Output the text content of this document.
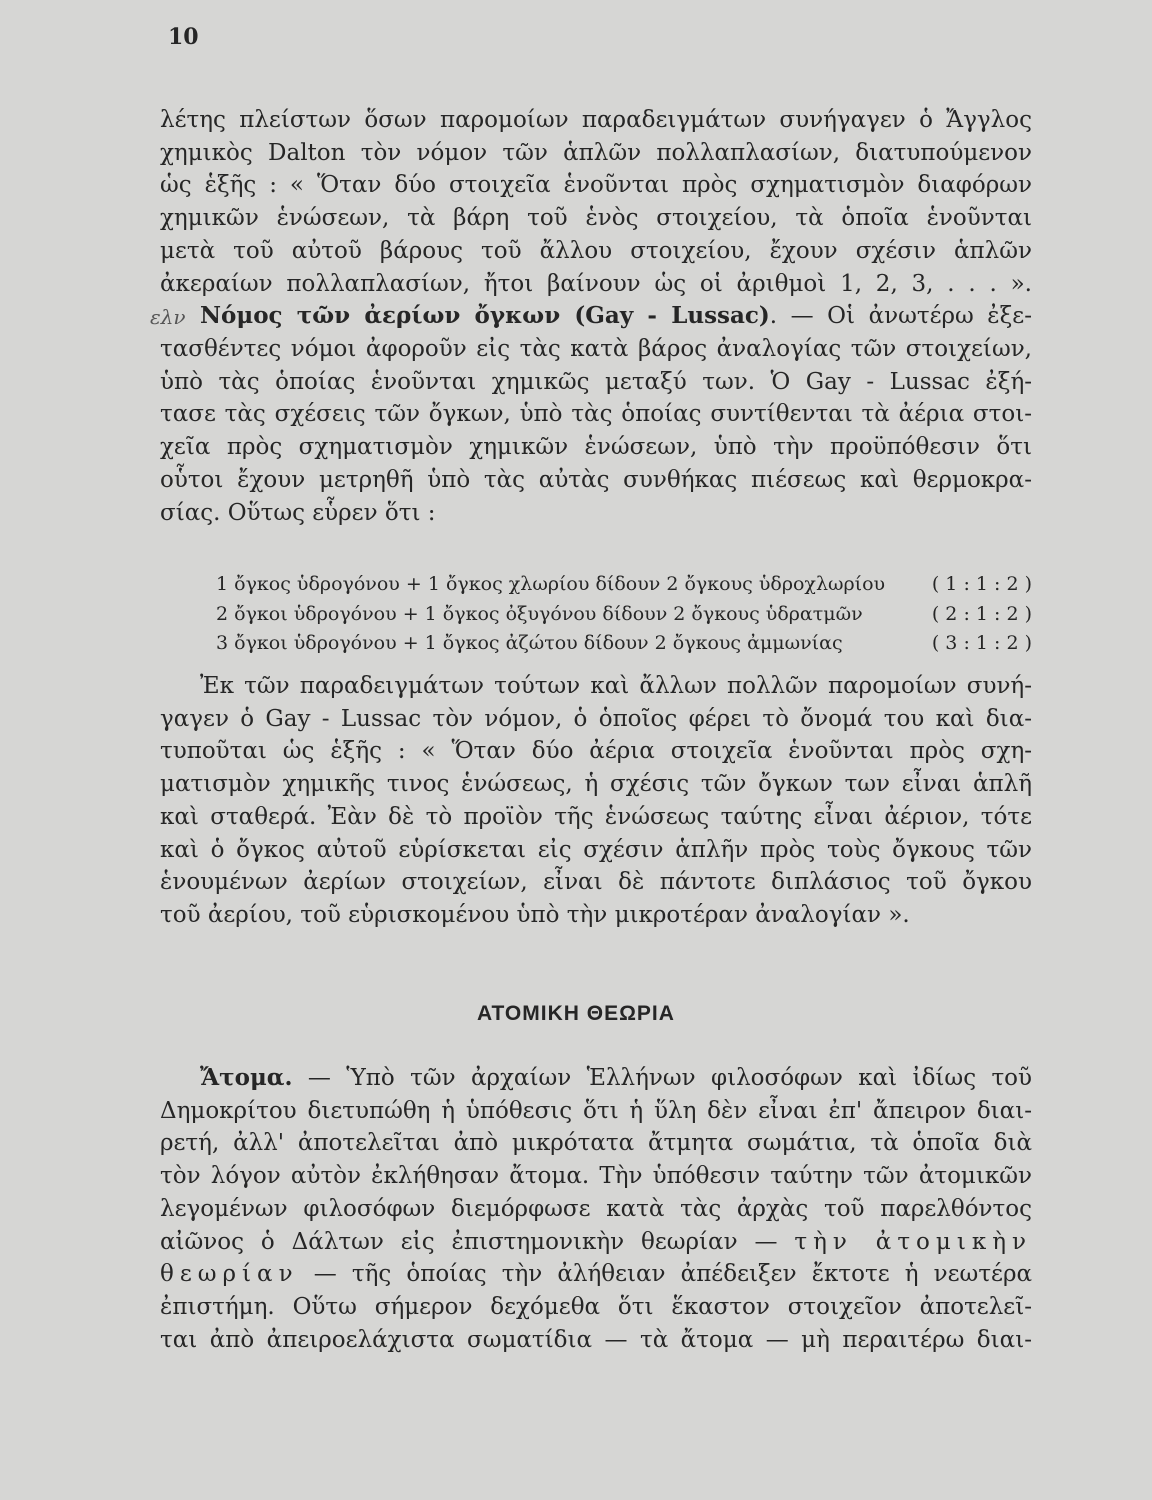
10
ελν
λέτης πλείστων ὅσων παρομοίων παραδειγμάτων συνήγαγεν ὁ Ἄγγλος
χημικὸς Dalton τὸν νόμον τῶν ἁπλῶν πολλαπλασίων, διατυπούμενον
ὡς ἑξῆς : « Ὅταν δύο στοιχεῖα ἑνοῦνται πρὸς σχηματισμὸν διαφόρων
χημικῶν ἑνώσεων, τὰ βάρη τοῦ ἑνὸς στοιχείου, τὰ ὁποῖα ἑνοῦνται
μετὰ τοῦ αὐτοῦ βάρους τοῦ ἄλλου στοιχείου, ἔχουν σχέσιν ἁπλῶν
ἀκεραίων πολλαπλασίων, ἤτοι βαίνουν ὡς οἱ ἀριθμοὶ 1, 2, 3, . . . ».
Νόμος τῶν ἀερίων ὄγκων (Gay - Lussac). — Οἱ ἀνωτέρω ἐξε-
τασθέντες νόμοι ἀφοροῦν εἰς τὰς κατὰ βάρος ἀναλογίας τῶν στοιχείων,
ὑπὸ τὰς ὁποίας ἑνοῦνται χημικῶς μεταξύ των. Ὁ Gay - Lussac ἐξή-
τασε τὰς σχέσεις τῶν ὄγκων, ὑπὸ τὰς ὁποίας συντίθενται τὰ ἀέρια στοι-
χεῖα πρὸς σχηματισμὸν χημικῶν ἑνώσεων, ὑπὸ τὴν προϋπόθεσιν ὅτι
οὗτοι ἔχουν μετρηθῆ ὑπὸ τὰς αὐτὰς συνθήκας πιέσεως καὶ θερμοκρα-
σίας. Οὕτως εὗρεν ὅτι :
1 ὄγκος ὑδρογόνου + 1 ὄγκος χλωρίου δίδουν 2 ὄγκους ὑδροχλωρίου ( 1 : 1 : 2 )
2 ὄγκοι ὑδρογόνου + 1 ὄγκος ὀξυγόνου δίδουν 2 ὄγκους ὑδρατμῶν	( 2 : 1 : 2 )
3 ὄγκοι ὑδρογόνου + 1 ὄγκος ἀζώτου δίδουν 2 ὄγκους ἀμμωνίας	( 3 : 1 : 2 )
Ἐκ τῶν παραδειγμάτων τούτων καὶ ἄλλων πολλῶν παρομοίων συνή-
γαγεν ὁ Gay - Lussac τὸν νόμον, ὁ ὁποῖος φέρει τὸ ὄνομά του καὶ δια-
τυποῦται ὡς ἑξῆς : « Ὅταν δύο ἀέρια στοιχεῖα ἑνοῦνται πρὸς σχη-
ματισμὸν χημικῆς τινος ἑνώσεως, ἡ σχέσις τῶν ὄγκων των εἶναι ἁπλῆ
καὶ σταθερά. Ἐὰν δὲ τὸ προϊὸν τῆς ἑνώσεως ταύτης εἶναι ἀέριον, τότε
καὶ ὁ ὄγκος αὐτοῦ εὑρίσκεται εἰς σχέσιν ἁπλῆν πρὸς τοὺς ὄγκους τῶν
ἑνουμένων ἀερίων στοιχείων, εἶναι δὲ πάντοτε διπλάσιος τοῦ ὄγκου
τοῦ ἀερίου, τοῦ εὑρισκομένου ὑπὸ τὴν μικροτέραν ἀναλογίαν ».
ΑΤΟΜΙΚΗ ΘΕΩΡΙΑ
Ἄτομα. — Ὑπὸ τῶν ἀρχαίων Ἑλλήνων φιλοσόφων καὶ ἰδίως τοῦ
Δημοκρίτου διετυπώθη ἡ ὑπόθεσις ὅτι ἡ ὕλη δὲν εἶναι ἐπ' ἄπειρον διαι-
ρετή, ἀλλ' ἀποτελεῖται ἀπὸ μικρότατα ἄτμητα σωμάτια, τὰ ὁποῖα διὰ
τὸν λόγον αὐτὸν ἐκλήθησαν ἄτομα. Τὴν ὑπόθεσιν ταύτην τῶν ἀτομικῶν
λεγομένων φιλοσόφων διεμόρφωσε κατὰ τὰς ἀρχὰς τοῦ παρελθόντος
αἰῶνος ὁ Δάλτων εἰς ἐπιστημονικὴν θεωρίαν — τὴν ἀτομικὴν
θεωρίαν — τῆς ὁποίας τὴν ἀλήθειαν ἀπέδειξεν ἔκτοτε ἡ νεωτέρα
ἐπιστήμη. Οὕτω σήμερον δεχόμεθα ὅτι ἕκαστον στοιχεῖον ἀποτελεῖ-
ται ἀπὸ ἀπειροελάχιστα σωματίδια — τὰ ἄτομα — μὴ περαιτέρω διαι-
